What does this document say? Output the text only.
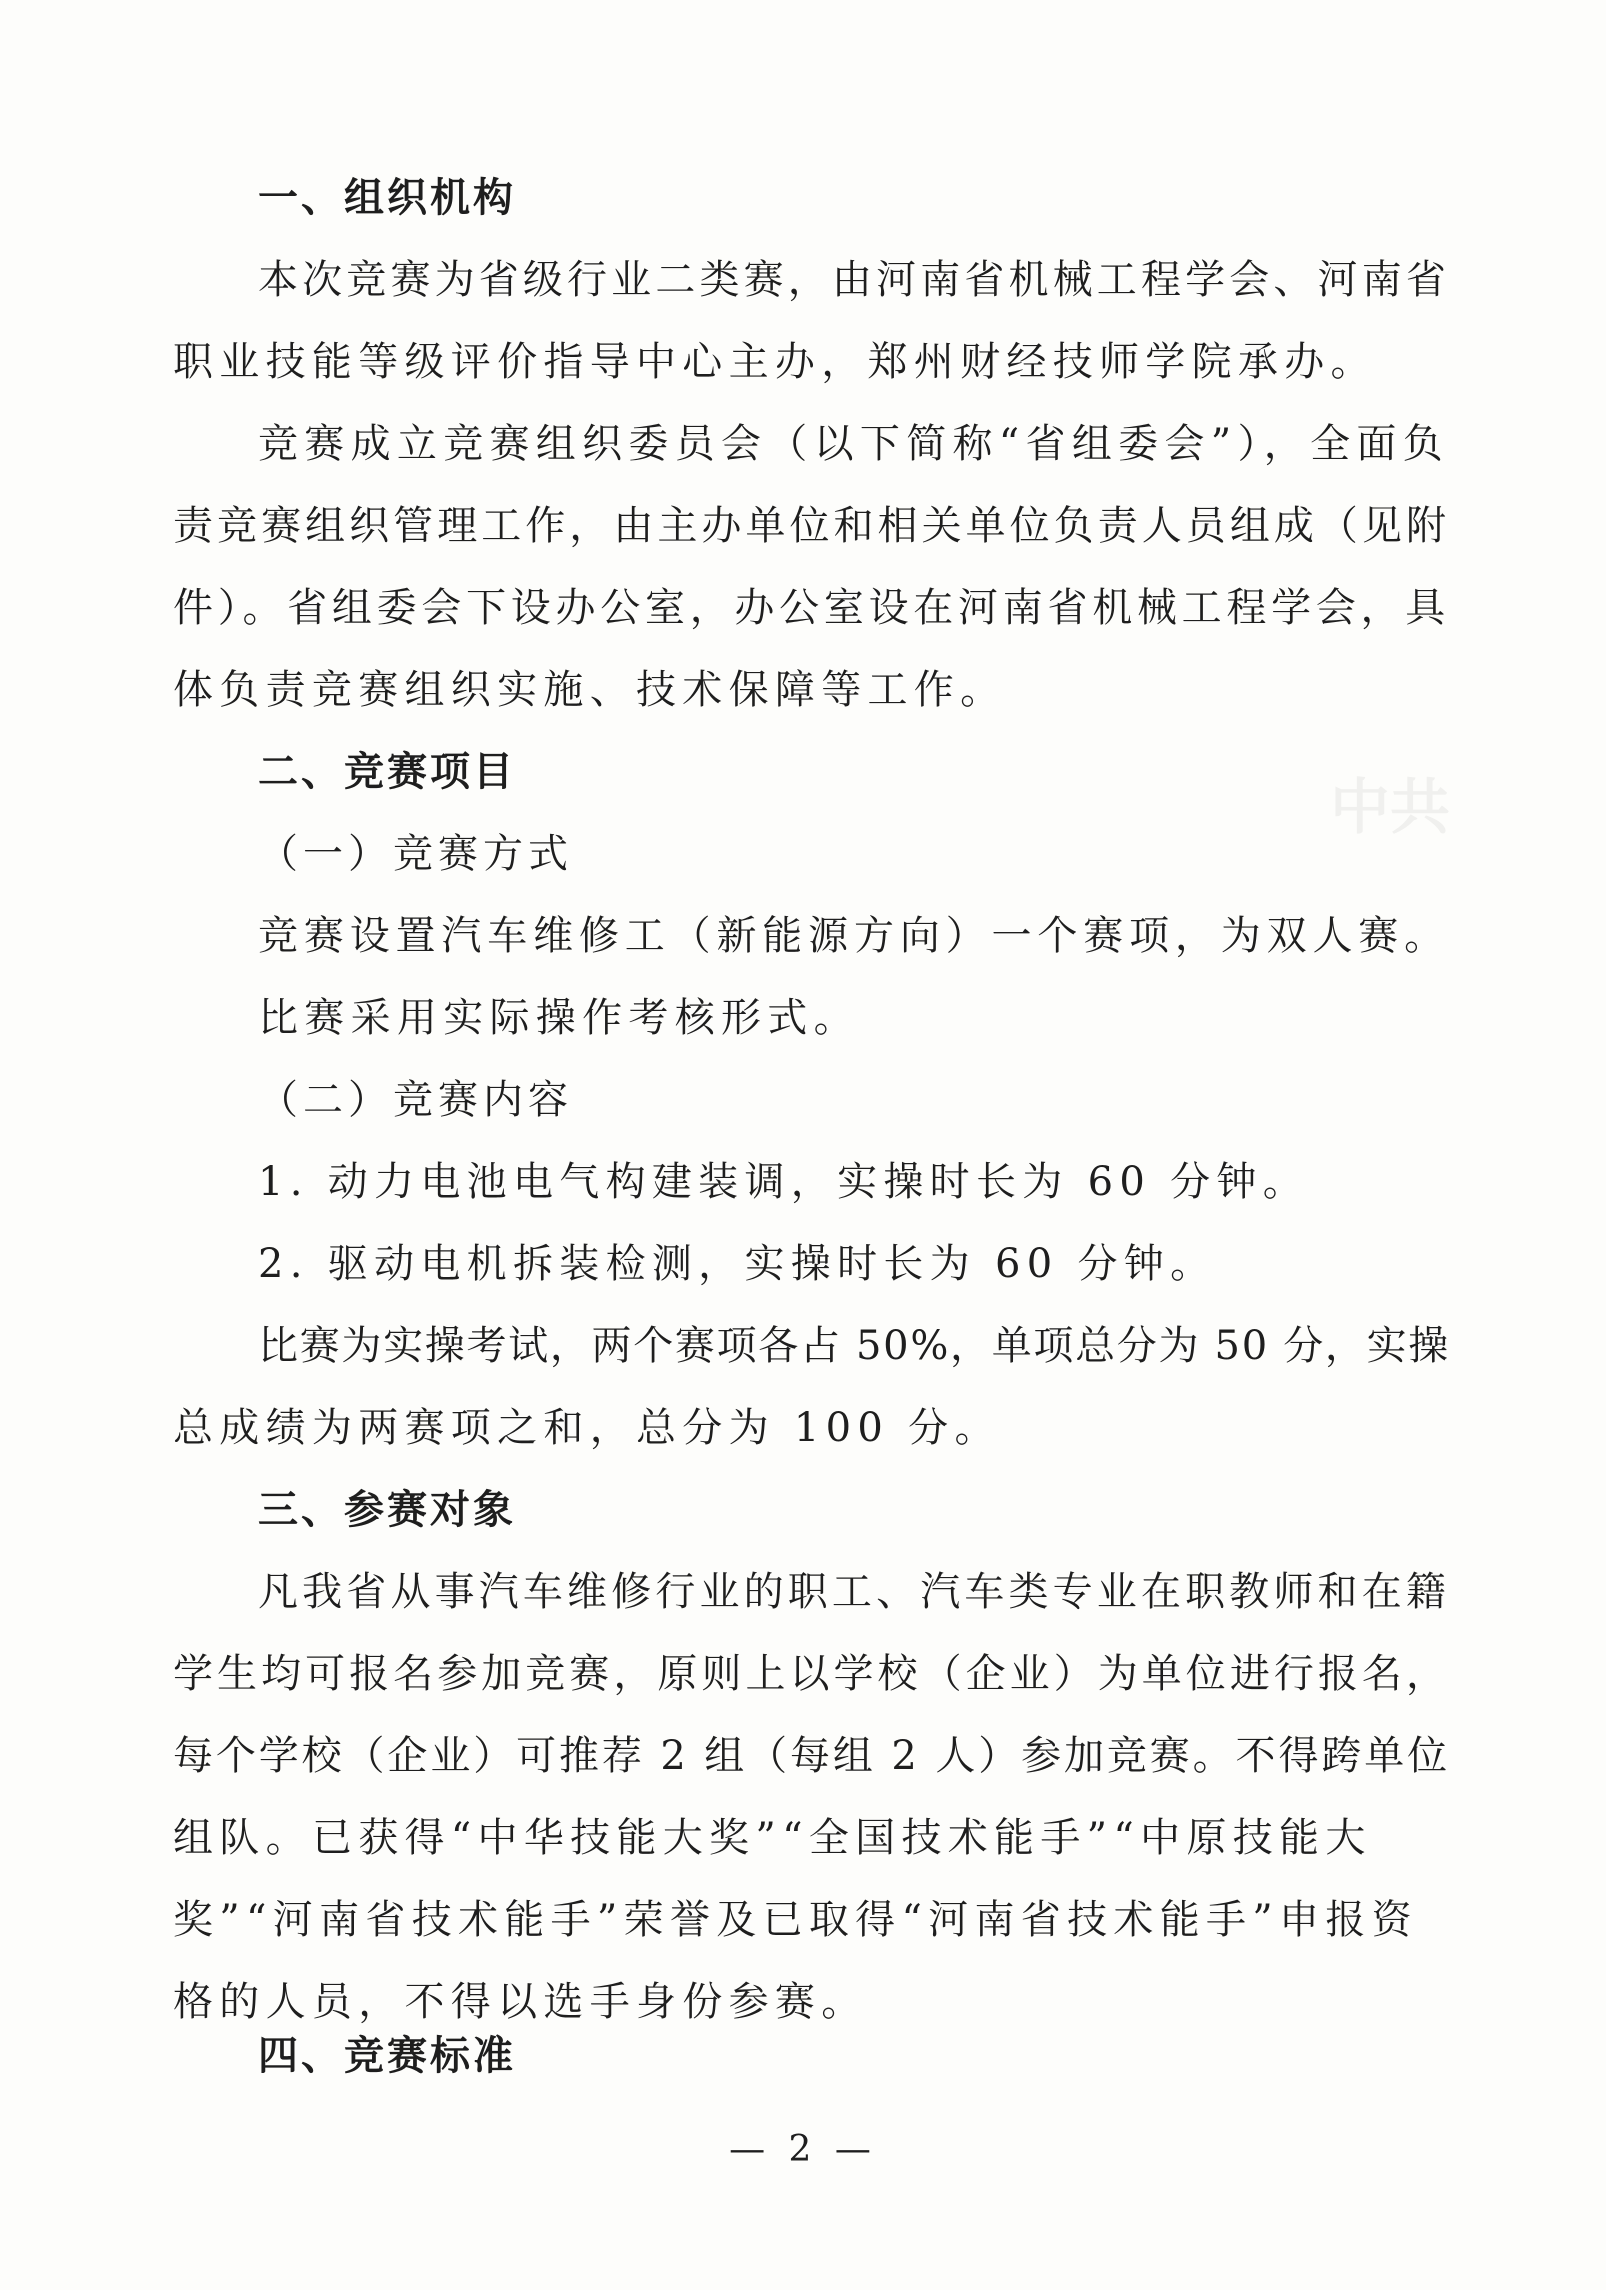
中共
一、组织机构
本次竞赛为省级行业二类赛，由河南省机械工程学会、河南省
职业技能等级评价指导中心主办，郑州财经技师学院承办。
竞赛成立竞赛组织委员会（以下简称“省组委会”），全面负
责竞赛组织管理工作，由主办单位和相关单位负责人员组成（见附
件）。省组委会下设办公室，办公室设在河南省机械工程学会，具
体负责竞赛组织实施、技术保障等工作。
二、竞赛项目
（一）竞赛方式
竞赛设置汽车维修工（新能源方向）一个赛项，为双人赛。
比赛采用实际操作考核形式。
（二）竞赛内容
1. 动力电池电气构建装调，实操时长为 60 分钟。
2. 驱动电机拆装检测，实操时长为 60 分钟。
比赛为实操考试，两个赛项各占 50%，单项总分为 50 分，实操
总成绩为两赛项之和，总分为 100 分。
三、参赛对象
凡我省从事汽车维修行业的职工、汽车类专业在职教师和在籍
学生均可报名参加竞赛，原则上以学校（企业）为单位进行报名，
每个学校（企业）可推荐 2 组（每组 2 人）参加竞赛。不得跨单位
组队。已获得“中华技能大奖”“全国技术能手”“中原技能大
奖”“河南省技术能手”荣誉及已取得“河南省技术能手”申报资
格的人员，不得以选手身份参赛。
四、竞赛标准
— 2 —
